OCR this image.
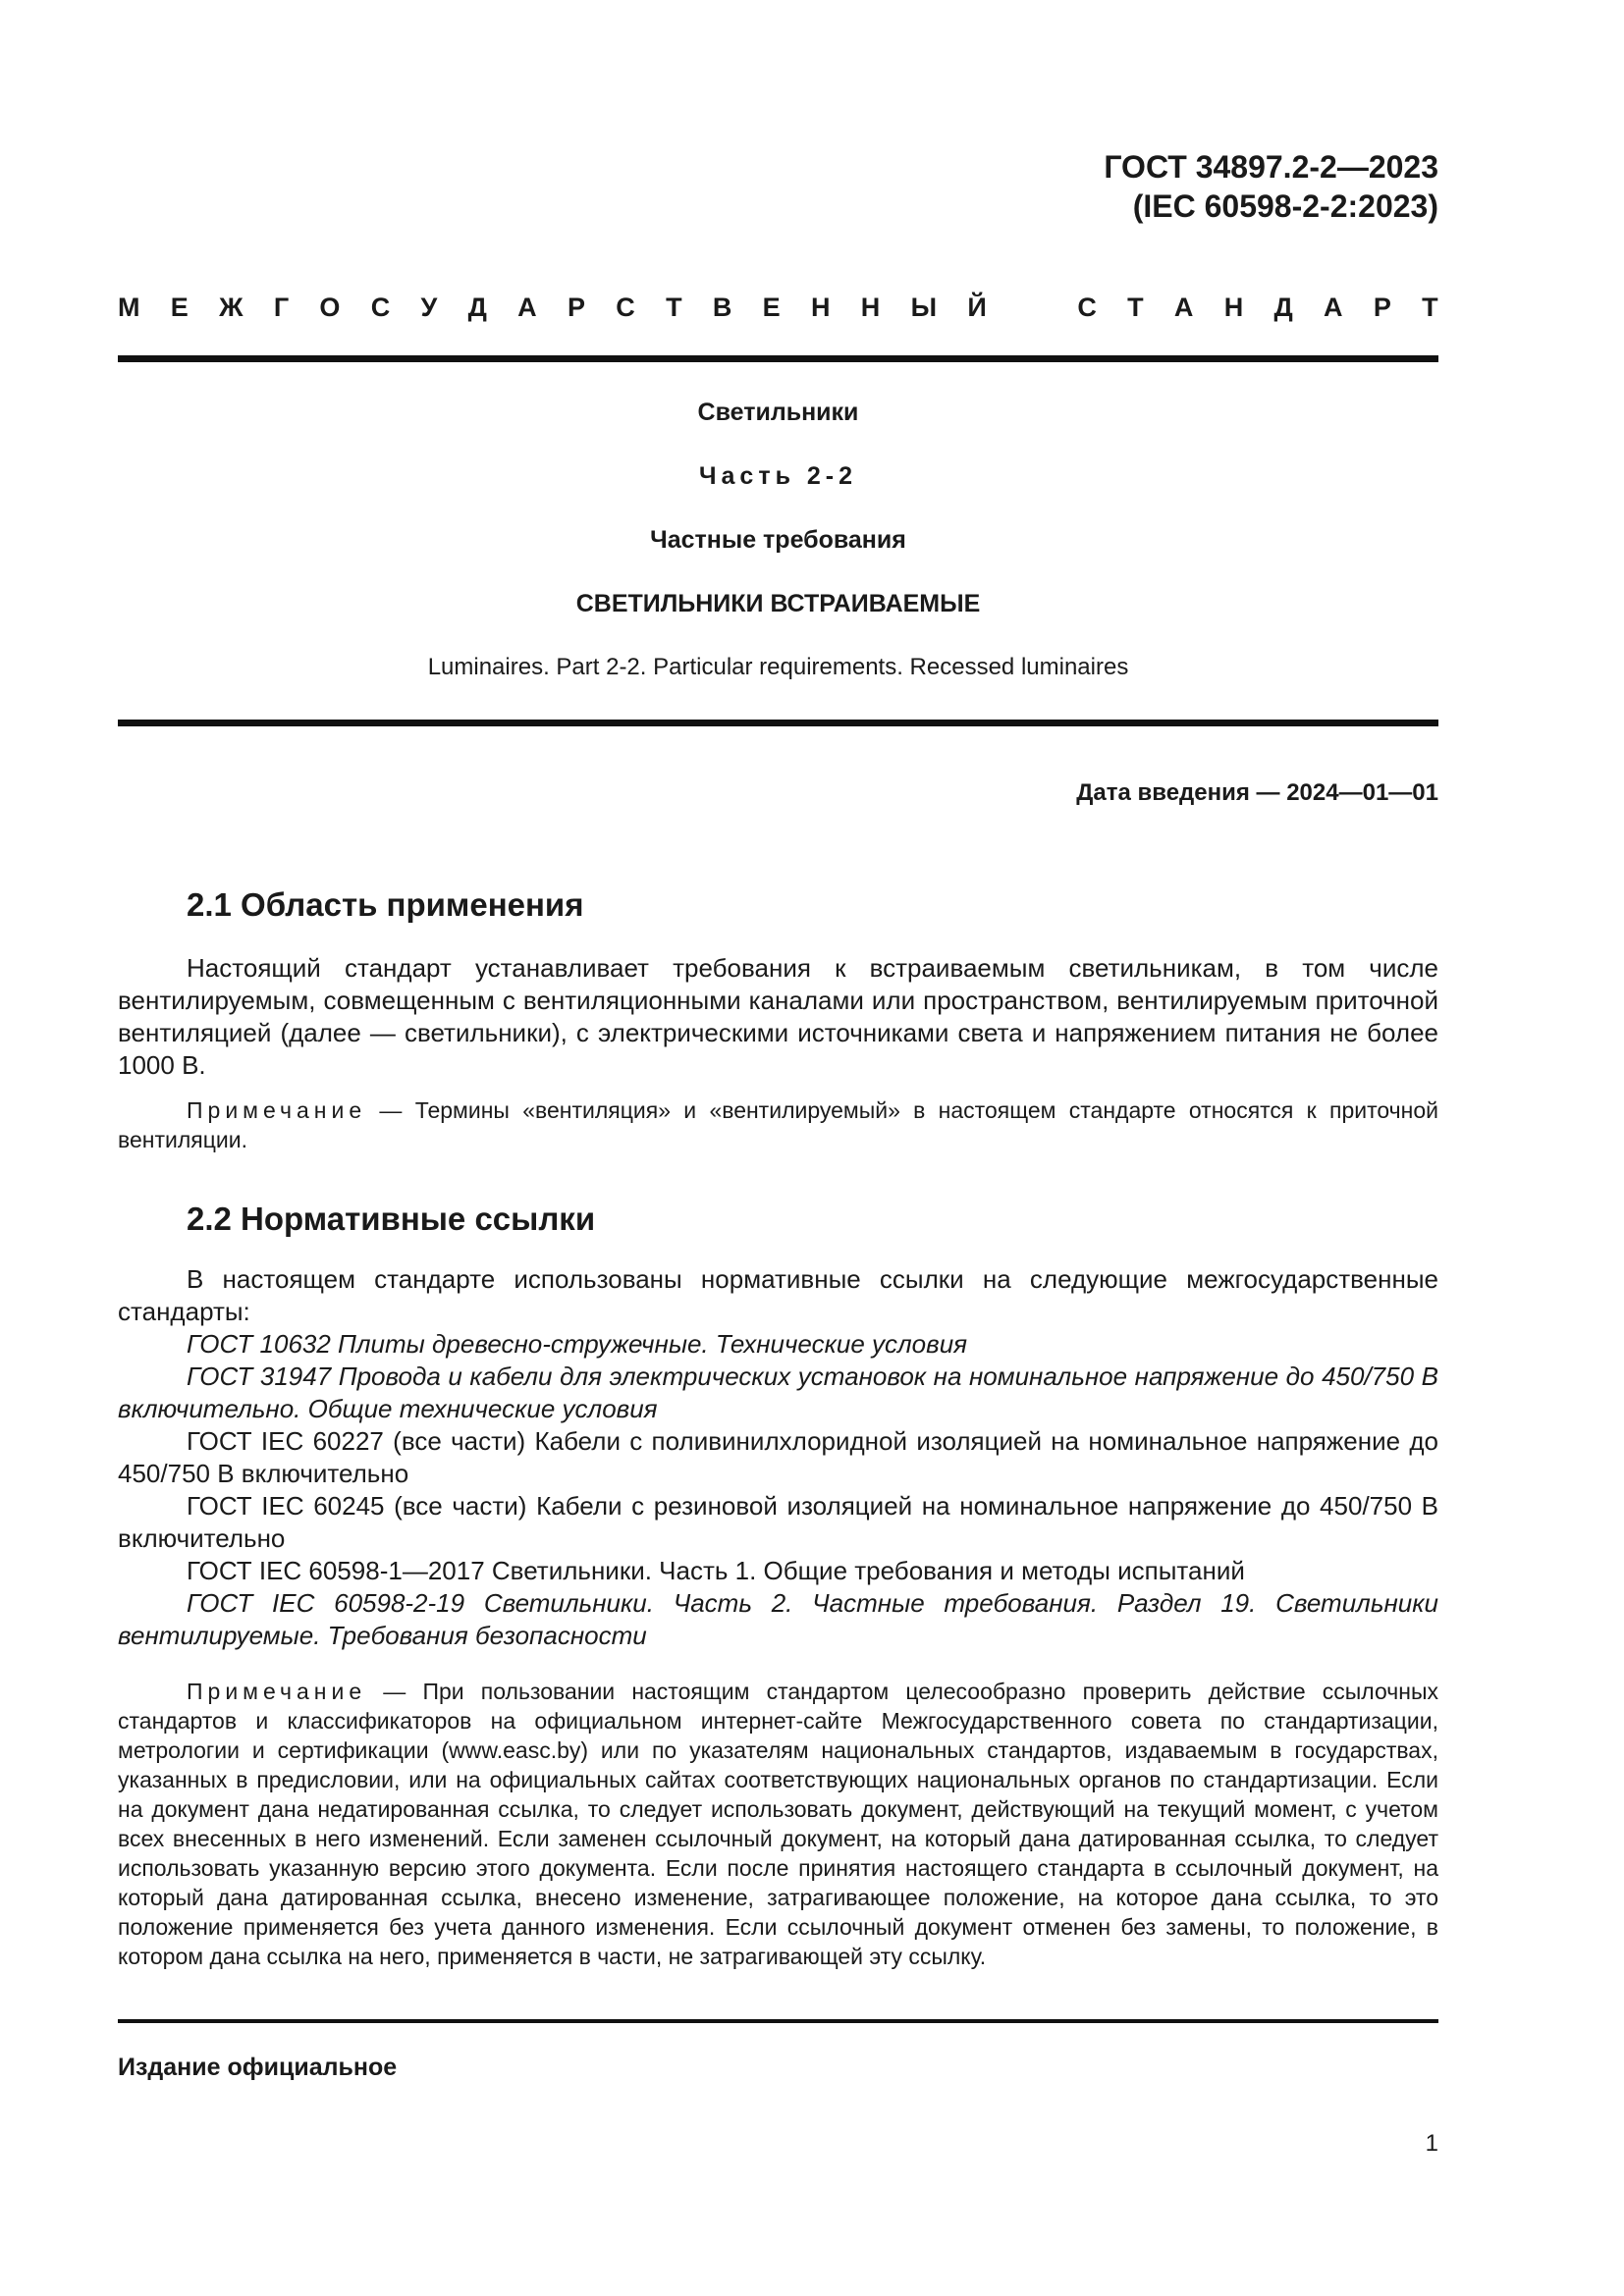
ГОСТ 34897.2-2—2023
(IEC 60598-2-2:2023)
М Е Ж Г О С У Д А Р С Т В Е Н Н Ы Й	С Т А Н Д А Р Т
Светильники
Часть 2-2
Частные требования
СВЕТИЛЬНИКИ ВСТРАИВАЕМЫЕ
Luminaires. Part 2-2. Particular requirements. Recessed luminaires
Дата введения — 2024—01—01
2.1 Область применения

Настоящий стандарт устанавливает требования к встраиваемым светильникам, в том числе вентилируемым, совмещенным с вентиляционными каналами или пространством, вентилируемым приточной вентиляцией (далее — светильники), с электрическими источниками света и напряжением питания не более 1000 В.

Примечание — Термины «вентиляция» и «вентилируемый» в настоящем стандарте относятся к приточной вентиляции.

2.2 Нормативные ссылки

В настоящем стандарте использованы нормативные ссылки на следующие межгосударственные стандарты:

ГОСТ 10632 Плиты древесно-стружечные. Технические условия

ГОСТ 31947 Провода и кабели для электрических установок на номинальное напряжение до 450/750 В включительно. Общие технические условия

ГОСТ IEC 60227 (все части) Кабели с поливинилхлоридной изоляцией на номинальное напряжение до 450/750 В включительно

ГОСТ IEC 60245 (все части) Кабели с резиновой изоляцией на номинальное напряжение до 450/750 В включительно

ГОСТ IEC 60598-1—2017 Светильники. Часть 1. Общие требования и методы испытаний

ГОСТ IEC 60598-2-19 Светильники. Часть 2. Частные требования. Раздел 19. Светильники вентилируемые. Требования безопасности

Примечание — При пользовании настоящим стандартом целесообразно проверить действие ссылочных стандартов и классификаторов на официальном интернет-сайте Межгосударственного совета по стандартизации, метрологии и сертификации (www.easc.by) или по указателям национальных стандартов, издаваемым в государствах, указанных в предисловии, или на официальных сайтах соответствующих национальных органов по стандартизации. Если на документ дана недатированная ссылка, то следует использовать документ, действующий на текущий момент, с учетом всех внесенных в него изменений. Если заменен ссылочный документ, на который дана датированная ссылка, то следует использовать указанную версию этого документа. Если после принятия настоящего стандарта в ссылочный документ, на который дана датированная ссылка, внесено изменение, затрагивающее положение, на которое дана ссылка, то это положение применяется без учета данного изменения. Если ссылочный документ отменен без замены, то положение, в котором дана ссылка на него, применяется в части, не затрагивающей эту ссылку.

Издание официальное
1
